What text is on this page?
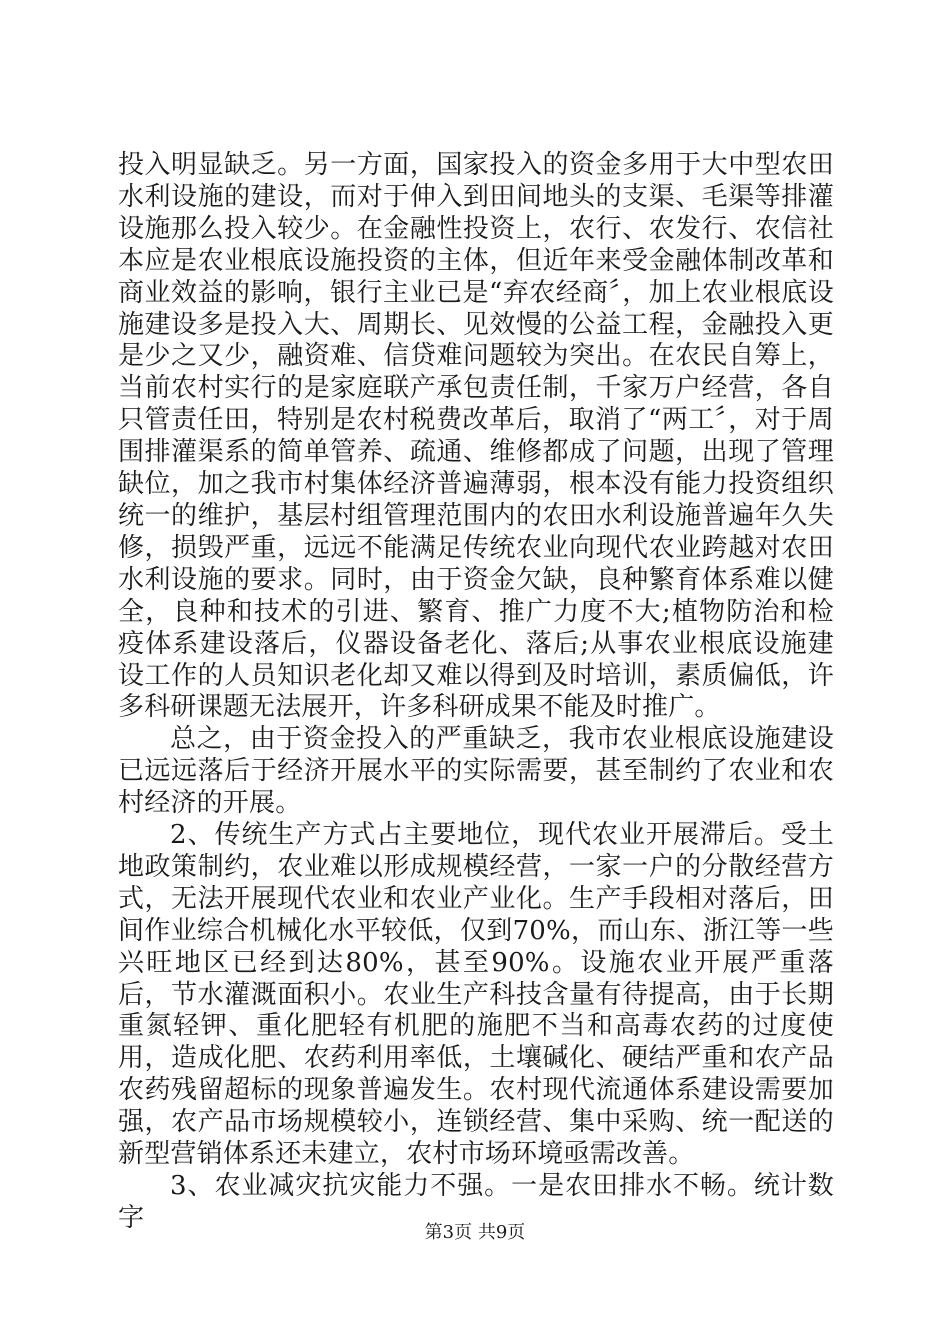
投入明显缺乏。另一方面，国家投入的资金多用于大中型农田水利设施的建设，而对于伸入到田间地头的支渠、毛渠等排灌设施那么投入较少。在金融性投资上，农行、农发行、农信社本应是农业根底设施投资的主体，但近年来受金融体制改革和商业效益的影响，银行主业已是“弃农经商〞，加上农业根底设施建设多是投入大、周期长、见效慢的公益工程，金融投入更是少之又少，融资难、信贷难问题较为突出。在农民自筹上，当前农村实行的是家庭联产承包责任制，千家万户经营，各自只管责任田，特别是农村税费改革后，取消了“两工〞，对于周围排灌渠系的简单管养、疏通、维修都成了问题，出现了管理缺位，加之我市村集体经济普遍薄弱，根本没有能力投资组织统一的维护，基层村组管理范围内的农田水利设施普遍年久失修，损毁严重，远远不能满足传统农业向现代农业跨越对农田水利设施的要求。同时，由于资金欠缺，良种繁育体系难以健全，良种和技术的引进、繁育、推广力度不大;植物防治和检疫体系建设落后，仪器设备老化、落后;从事农业根底设施建设工作的人员知识老化却又难以得到及时培训，素质偏低，许多科研课题无法展开，许多科研成果不能及时推广。

总之，由于资金投入的严重缺乏，我市农业根底设施建设已远远落后于经济开展水平的实际需要，甚至制约了农业和农村经济的开展。

2、传统生产方式占主要地位，现代农业开展滞后。受土地政策制约，农业难以形成规模经营，一家一户的分散经营方式，无法开展现代农业和农业产业化。生产手段相对落后，田间作业综合机械化水平较低，仅到70%，而山东、浙江等一些兴旺地区已经到达80%，甚至90%。设施农业开展严重落后，节水灌溉面积小。农业生产科技含量有待提高，由于长期重氮轻钾、重化肥轻有机肥的施肥不当和高毒农药的过度使用，造成化肥、农药利用率低，土壤碱化、硬结严重和农产品农药残留超标的现象普遍发生。农村现代流通体系建设需要加强，农产品市场规模较小，连锁经营、集中采购、统一配送的新型营销体系还未建立，农村市场环境亟需改善。

3、农业减灾抗灾能力不强。一是农田排水不畅。统计数字	第3页 共9页
